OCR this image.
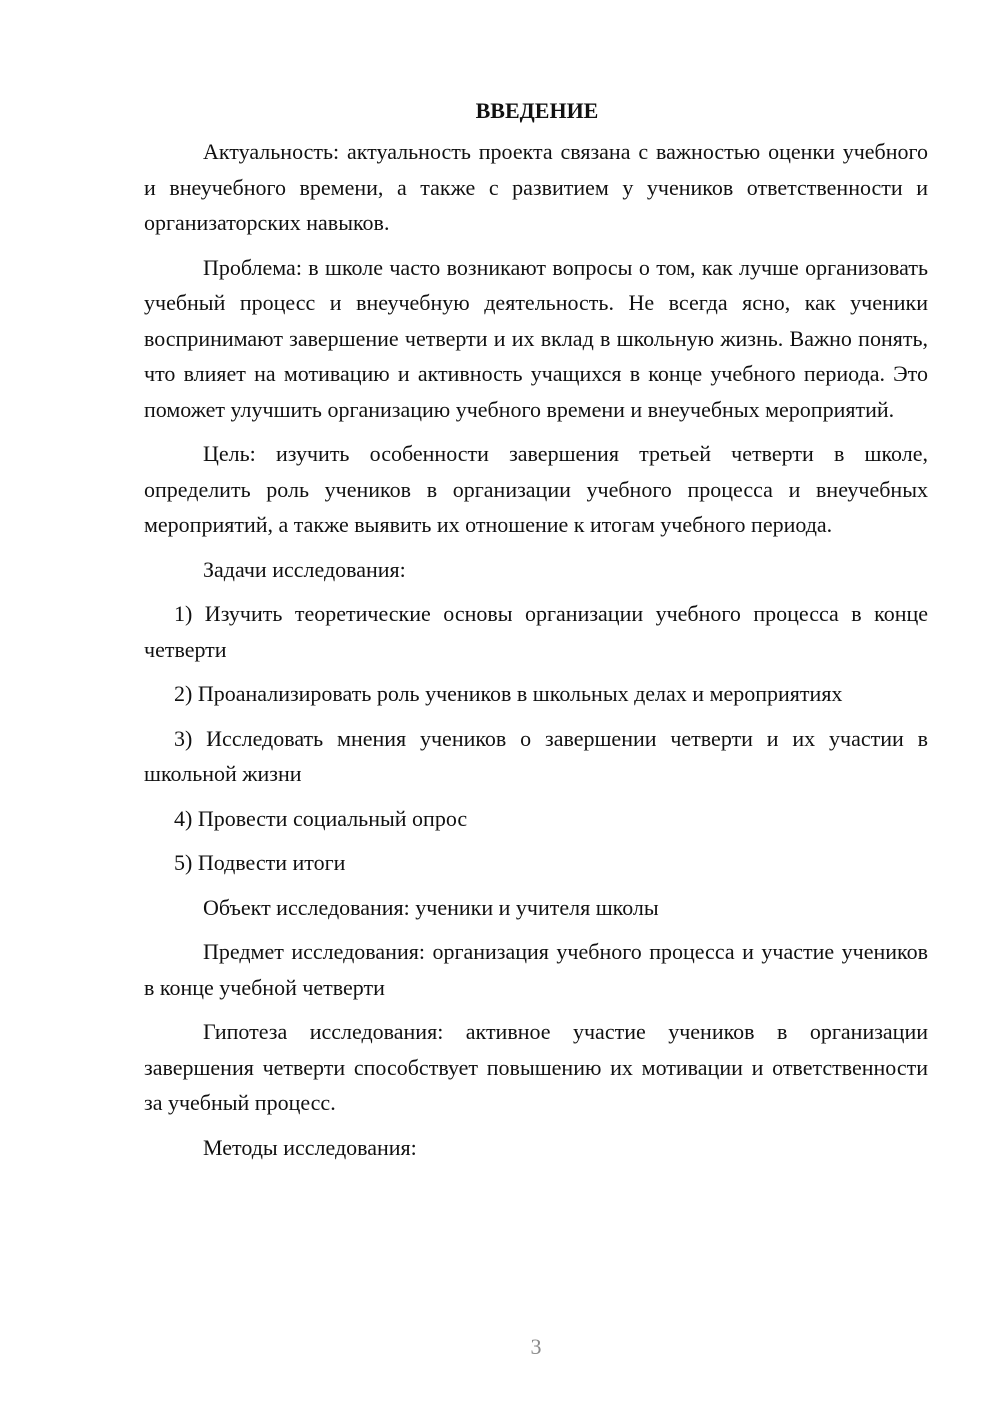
ВВЕДЕНИЕ

Актуальность: актуальность проекта связана с важностью оценки учебного и внеучебного времени, а также с развитием у учеников ответственности и организаторских навыков.

Проблема: в школе часто возникают вопросы о том, как лучше организовать учебный процесс и внеучебную деятельность. Не всегда ясно, как ученики воспринимают завершение четверти и их вклад в школьную жизнь. Важно понять, что влияет на мотивацию и активность учащихся в конце учебного периода. Это поможет улучшить организацию учебного времени и внеучебных мероприятий.

Цель: изучить особенности завершения третьей четверти в школе, определить роль учеников в организации учебного процесса и внеучебных мероприятий, а также выявить их отношение к итогам учебного периода.

Задачи исследования:

1) Изучить теоретические основы организации учебного процесса в конце четверти

2) Проанализировать роль учеников в школьных делах и мероприятиях

3) Исследовать мнения учеников о завершении четверти и их участии в школьной жизни

4) Провести социальный опрос

5) Подвести итоги

Объект исследования: ученики и учителя школы

Предмет исследования: организация учебного процесса и участие учеников в конце учебной четверти

Гипотеза исследования: активное участие учеников в организации завершения четверти способствует повышению их мотивации и ответственности за учебный процесс.

Методы исследования:

3
